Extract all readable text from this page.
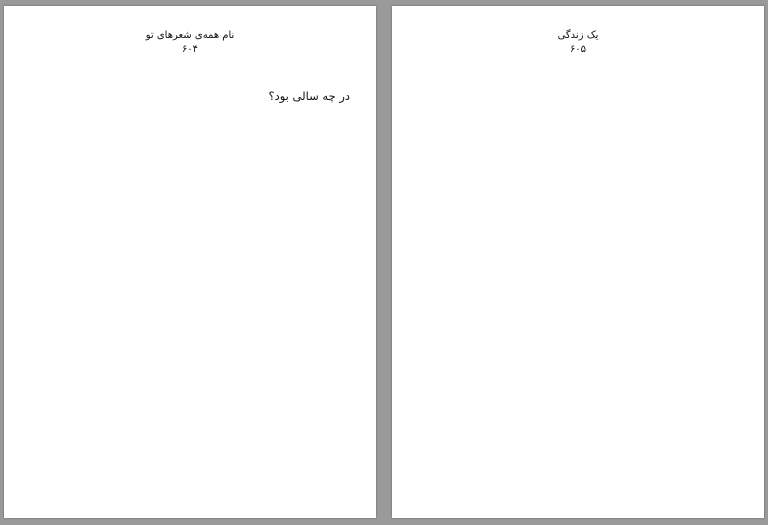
نام همه‌ی شعرهای تو
۶۰۴

در چه سالی بود؟

یک زندگی
۶۰۵
